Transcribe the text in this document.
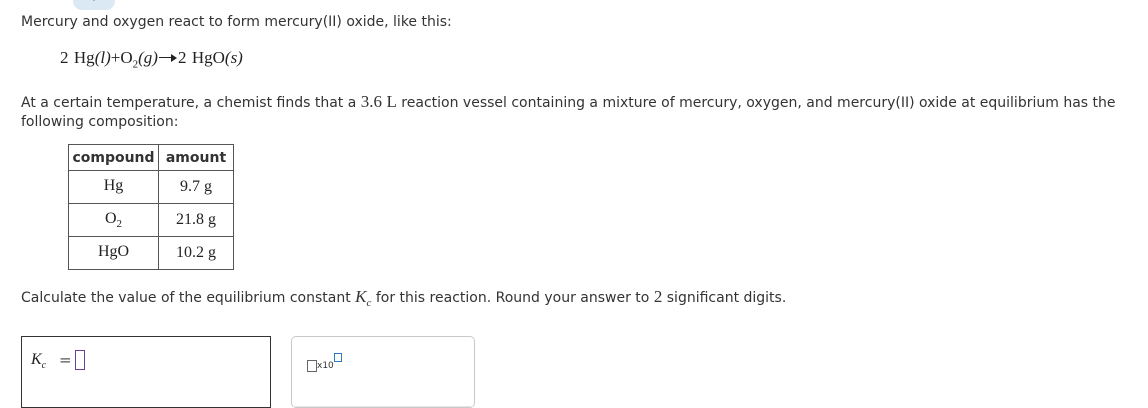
Mercury and oxygen react to form mercury(II) oxide, like this:
2 $Hg(l)+O_2(g)$ 2 HgO(s)
At a certain temperature, a chemist finds that a 3.6 L reaction vessel containing a mixture of mercury, oxygen, and mercury(II) oxide at equilibrium has the
following composition:
compound	amount
Hg	9.7 g
$O_2$	21.8 g
HgO	10.2 g
Calculate the value of the equilibrium constant $K_c$ for this reaction. Round your answer to 2 significant digits.
$K_c$ =	x10
